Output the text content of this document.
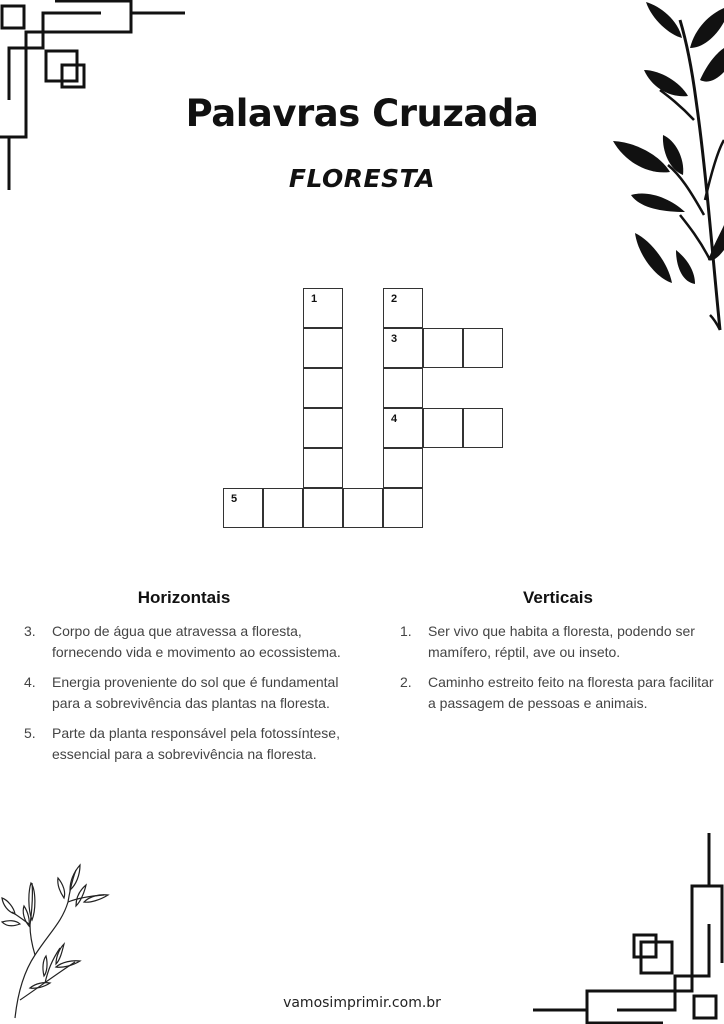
Palavras Cruzada
FLORESTA
1	2
3
4
5
Horizontais
3.	Corpo de água que atravessa a floresta, fornecendo vida e movimento ao ecossistema.
4.	Energia proveniente do sol que é fundamental para a sobrevivência das plantas na floresta.
5.	Parte da planta responsável pela fotossíntese, essencial para a sobrevivência na floresta.
Verticais
1.	Ser vivo que habita a floresta, podendo ser mamífero, réptil, ave ou inseto.
2.	Caminho estreito feito na floresta para facilitar a passagem de pessoas e animais.
vamosimprimir.com.br
